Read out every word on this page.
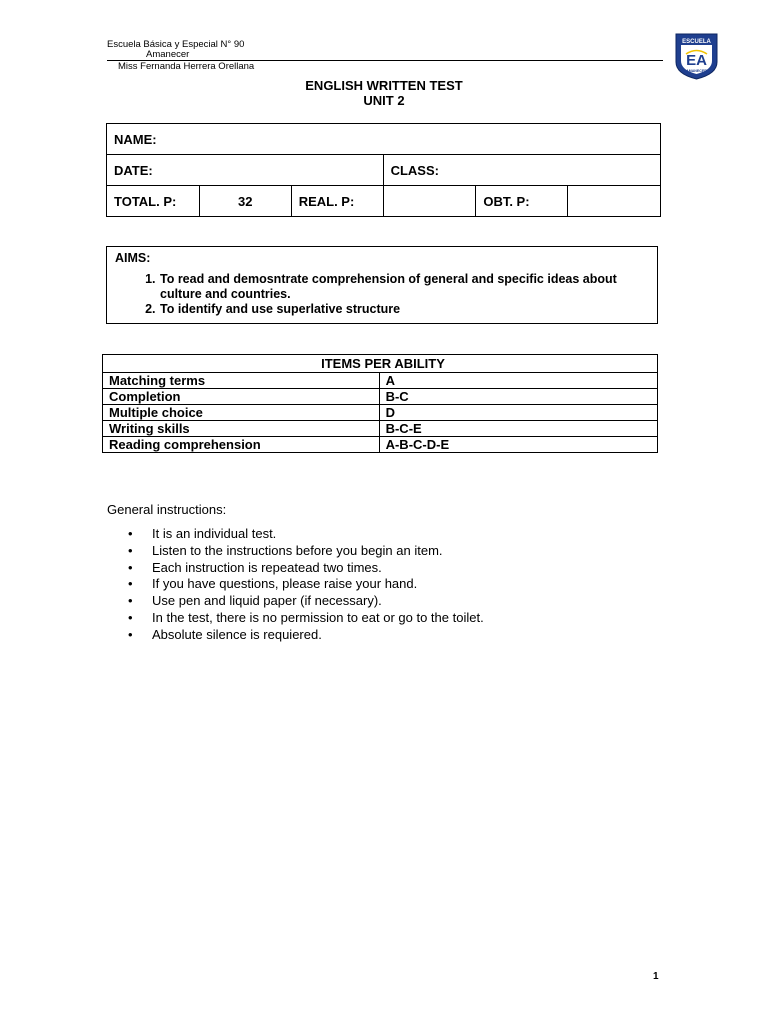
Escuela Básica y Especial N° 90
Amanecer
Miss Fernanda Herrera Orellana
ESCUELA
EA
AMANECER
ENGLISH WRITTEN TEST
UNIT 2
NAME:					
DATE:			CLASS:		
TOTAL. P:	32	REAL. P:		OBT. P:	
AIMS:
1. To read and demosntrate comprehension of general and specific ideas about culture and countries.
2. To identify and use superlative structure
ITEMS PER ABILITY	
Matching terms	A
Completion	B-C
Multiple choice	D
Writing skills	B-C-E
Reading comprehension	A-B-C-D-E
General instructions:
• It is an individual test.
• Listen to the instructions before you begin an item.
• Each instruction is repeatead two times.
• If you have questions, please raise your hand.
• Use pen and liquid paper (if necessary).
• In the test, there is no permission to eat or go to the toilet.
• Absolute silence is requiered.
1
